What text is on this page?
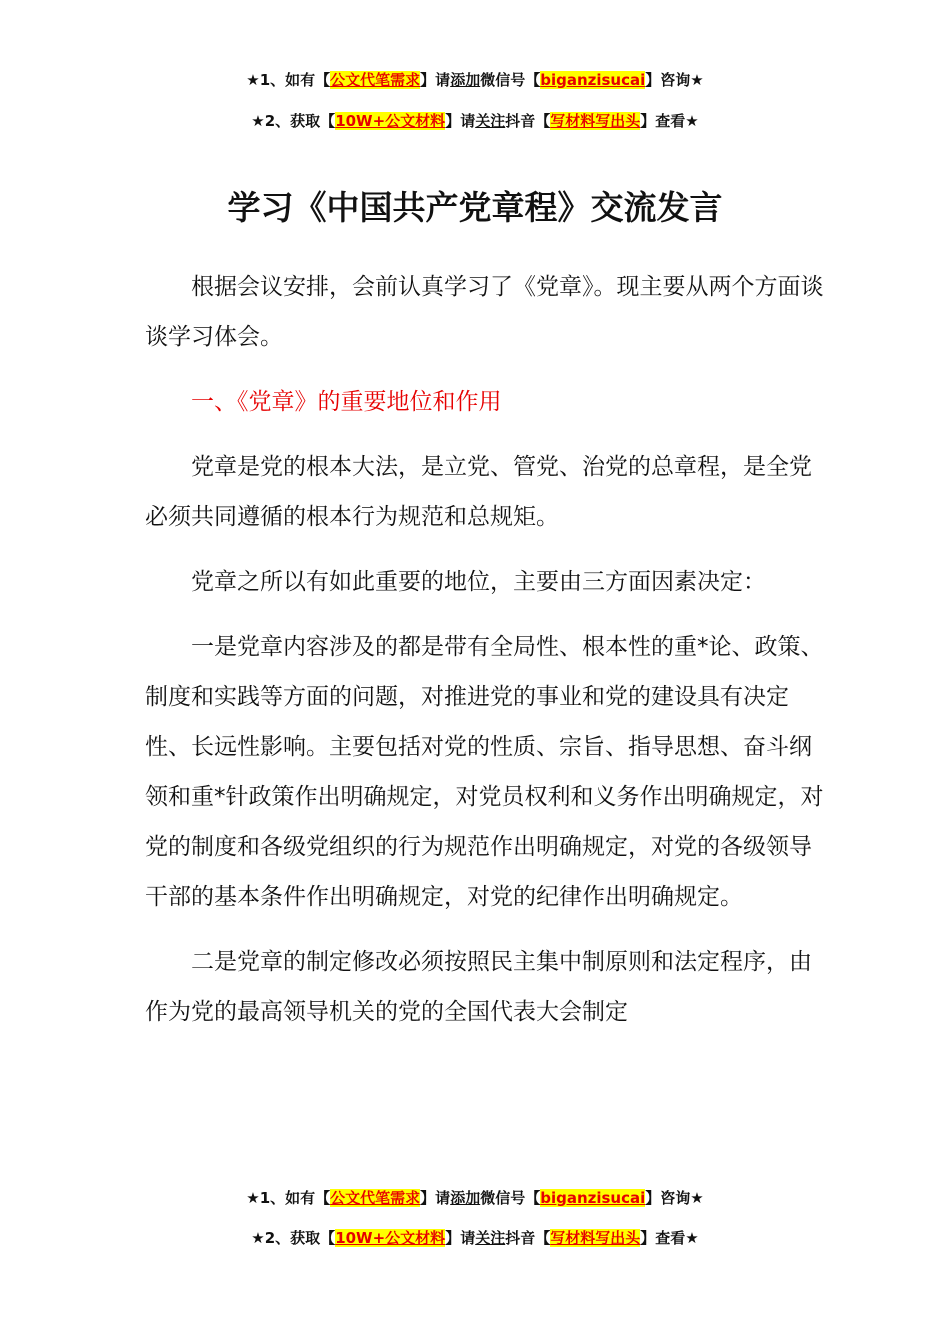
★1、如有【公文代笔需求】请添加微信号【biganzisucai】咨询★
★2、获取【10W+公文材料】请关注抖音【写材料写出头】查看★
学习《中国共产党章程》交流发言

根据会议安排，会前认真学习了《党章》。现主要从两个方面谈谈学习体会。

一、《党章》的重要地位和作用

党章是党的根本大法，是立党、管党、治党的总章程，是全党必须共同遵循的根本行为规范和总规矩。

党章之所以有如此重要的地位，主要由三方面因素决定：

一是党章内容涉及的都是带有全局性、根本性的重*论、政策、制度和实践等方面的问题，对推进党的事业和党的建设具有决定性、长远性影响。主要包括对党的性质、宗旨、指导思想、奋斗纲领和重*针政策作出明确规定，对党员权利和义务作出明确规定，对党的制度和各级党组织的行为规范作出明确规定，对党的各级领导干部的基本条件作出明确规定，对党的纪律作出明确规定。

二是党章的制定修改必须按照民主集中制原则和法定程序，由作为党的最高领导机关的党的全国代表大会制定

★1、如有【公文代笔需求】请添加微信号【biganzisucai】咨询★
★2、获取【10W+公文材料】请关注抖音【写材料写出头】查看★
